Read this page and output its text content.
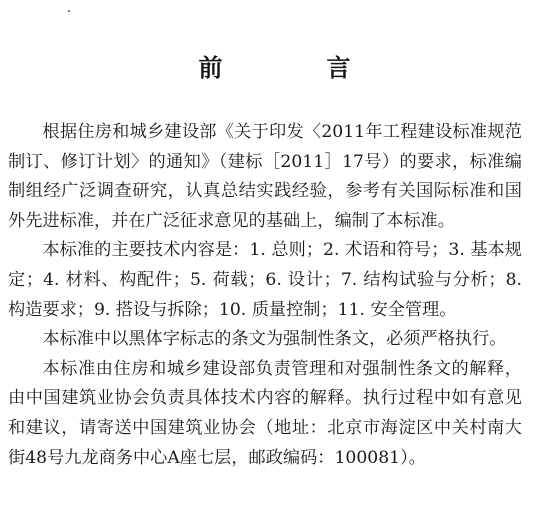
前　言

根据住房和城乡建设部《关于印发〈2011年工程建设标准规范制订、修订计划〉的通知》（建标［2011］17号）的要求，标准编制组经广泛调查研究，认真总结实践经验，参考有关国际标准和国外先进标准，并在广泛征求意见的基础上，编制了本标准。

本标准的主要技术内容是：1. 总则；2. 术语和符号；3. 基本规定；4. 材料、构配件；5. 荷载；6. 设计；7. 结构试验与分析；8. 构造要求；9. 搭设与拆除；10. 质量控制；11. 安全管理。

本标准中以黑体字标志的条文为强制性条文，必须严格执行。

本标准由住房和城乡建设部负责管理和对强制性条文的解释，由中国建筑业协会负责具体技术内容的解释。执行过程中如有意见和建议，请寄送中国建筑业协会（地址：北京市海淀区中关村南大街48号九龙商务中心A座七层，邮政编码：100081）。
